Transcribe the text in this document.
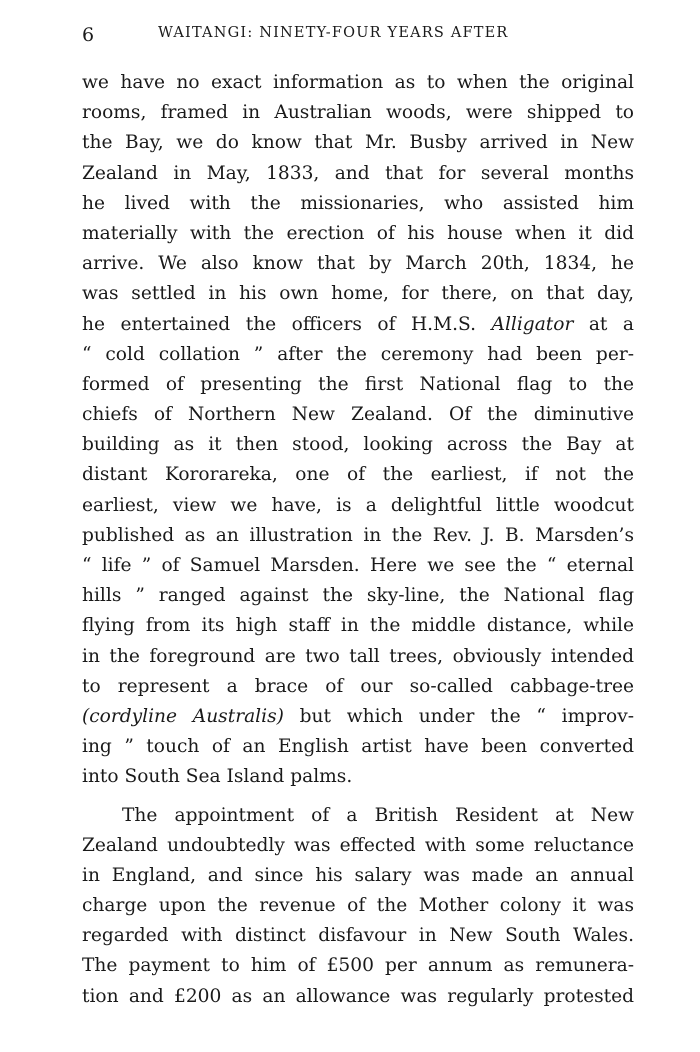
6	WAITANGI: NINETY-FOUR YEARS AFTER
we have no exact information as to when the original
rooms, framed in Australian woods, were shipped to
the Bay, we do know that Mr. Busby arrived in New
Zealand in May, 1833, and that for several months
he lived with the missionaries, who assisted him
materially with the erection of his house when it did
arrive. We also know that by March 20th, 1834, he
was settled in his own home, for there, on that day,
he entertained the officers of H.M.S. Alligator at a
“ cold collation ” after the ceremony had been per-
formed of presenting the first National flag to the
chiefs of Northern New Zealand. Of the diminutive
building as it then stood, looking across the Bay at
distant Kororareka, one of the earliest, if not the
earliest, view we have, is a delightful little woodcut
published as an illustration in the Rev. J. B. Marsden’s
“ life ” of Samuel Marsden. Here we see the “ eternal
hills ” ranged against the sky-line, the National flag
flying from its high staff in the middle distance, while
in the foreground are two tall trees, obviously intended
to represent a brace of our so-called cabbage-tree
(cordyline Australis) but which under the “ improv-
ing ” touch of an English artist have been converted
into South Sea Island palms.
The appointment of a British Resident at New
Zealand undoubtedly was effected with some reluctance
in England, and since his salary was made an annual
charge upon the revenue of the Mother colony it was
regarded with distinct disfavour in New South Wales.
The payment to him of £500 per annum as remunera-
tion and £200 as an allowance was regularly protested
